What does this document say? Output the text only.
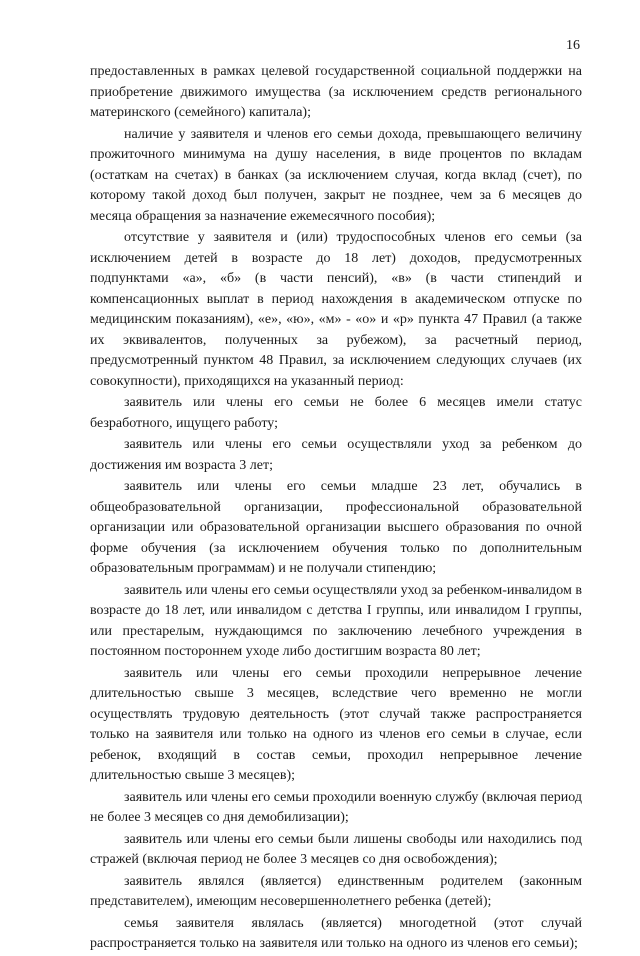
16

предоставленных в рамках целевой государственной социальной поддержки на приобретение движимого имущества (за исключением средств регионального материнского (семейного) капитала);

наличие у заявителя и членов его семьи дохода, превышающего величину прожиточного минимума на душу населения, в виде процентов по вкладам (остаткам на счетах) в банках (за исключением случая, когда вклад (счет), по которому такой доход был получен, закрыт не позднее, чем за 6 месяцев до месяца обращения за назначение ежемесячного пособия);

отсутствие у заявителя и (или) трудоспособных членов его семьи (за исключением детей в возрасте до 18 лет) доходов, предусмотренных подпунктами «а», «б» (в части пенсий), «в» (в части стипендий и компенсационных выплат в период нахождения в академическом отпуске по медицинским показаниям), «е», «ю», «м» - «о» и «р» пункта 47 Правил (а также их эквивалентов, полученных за рубежом), за расчетный период, предусмотренный пунктом 48 Правил, за исключением следующих случаев (их совокупности), приходящихся на указанный период:

заявитель или члены его семьи не более 6 месяцев имели статус безработного, ищущего работу;

заявитель или члены его семьи осуществляли уход за ребенком до достижения им возраста 3 лет;

заявитель или члены его семьи младше 23 лет, обучались в общеобразовательной организации, профессиональной образовательной организации или образовательной организации высшего образования по очной форме обучения (за исключением обучения только по дополнительным образовательным программам) и не получали стипендию;

заявитель или члены его семьи осуществляли уход за ребенком-инвалидом в возрасте до 18 лет, или инвалидом с детства I группы, или инвалидом I группы, или престарелым, нуждающимся по заключению лечебного учреждения в постоянном постороннем уходе либо достигшим возраста 80 лет;

заявитель или члены его семьи проходили непрерывное лечение длительностью свыше 3 месяцев, вследствие чего временно не могли осуществлять трудовую деятельность (этот случай также распространяется только на заявителя или только на одного из членов его семьи в случае, если ребенок, входящий в состав семьи, проходил непрерывное лечение длительностью свыше 3 месяцев);

заявитель или члены его семьи проходили военную службу (включая период не более 3 месяцев со дня демобилизации);

заявитель или члены его семьи были лишены свободы или находились под стражей (включая период не более 3 месяцев со дня освобождения);

заявитель являлся (является) единственным родителем (законным представителем), имеющим несовершеннолетнего ребенка (детей);

семья заявителя являлась (является) многодетной (этот случай распространяется только на заявителя или только на одного из членов его семьи);
